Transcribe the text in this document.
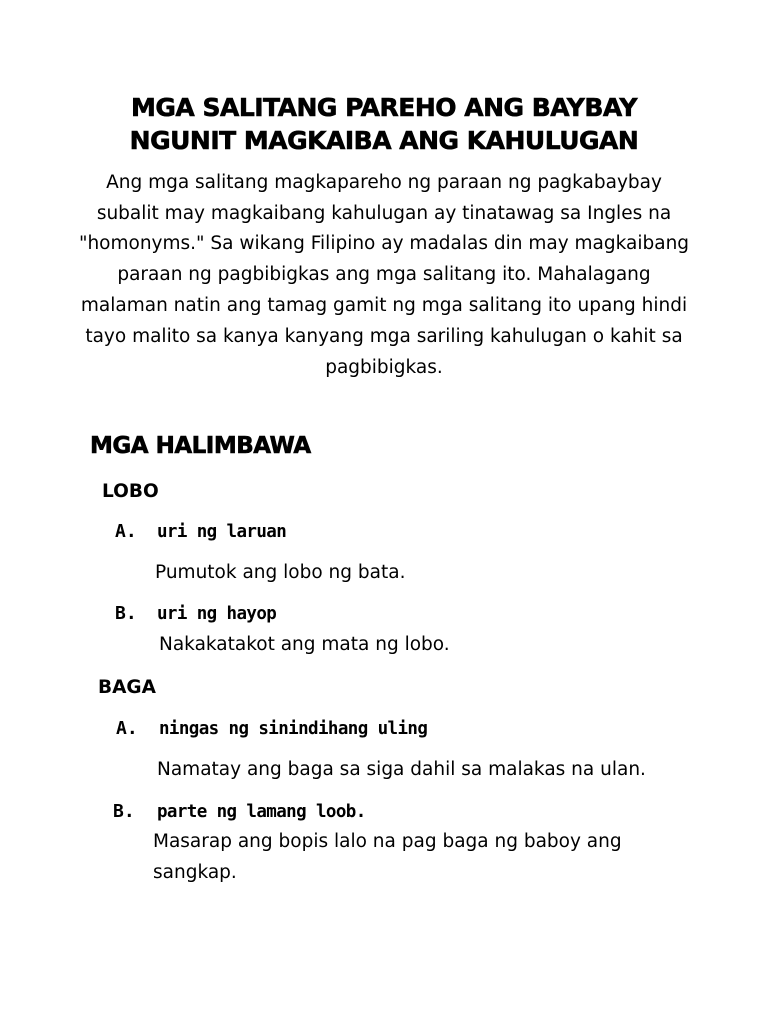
MGA SALITANG PAREHO ANG BAYBAY
NGUNIT MAGKAIBA ANG KAHULUGAN
Ang mga salitang magkapareho ng paraan ng pagkabaybay
subalit may magkaibang kahulugan ay tinatawag sa Ingles na
"homonyms." Sa wikang Filipino ay madalas din may magkaibang
paraan ng pagbibigkas ang mga salitang ito. Mahalagang
malaman natin ang tamag gamit ng mga salitang ito upang hindi
tayo malito sa kanya kanyang mga sariling kahulugan o kahit sa
pagbibigkas.
MGA HALIMBAWA
LOBO
A. uri ng laruan
Pumutok ang lobo ng bata.
B. uri ng hayop
Nakakatakot ang mata ng lobo.
BAGA
A. ningas ng sinindihang uling
Namatay ang baga sa siga dahil sa malakas na ulan.
B. parte ng lamang loob.
Masarap ang bopis lalo na pag baga ng baboy ang
sangkap.
